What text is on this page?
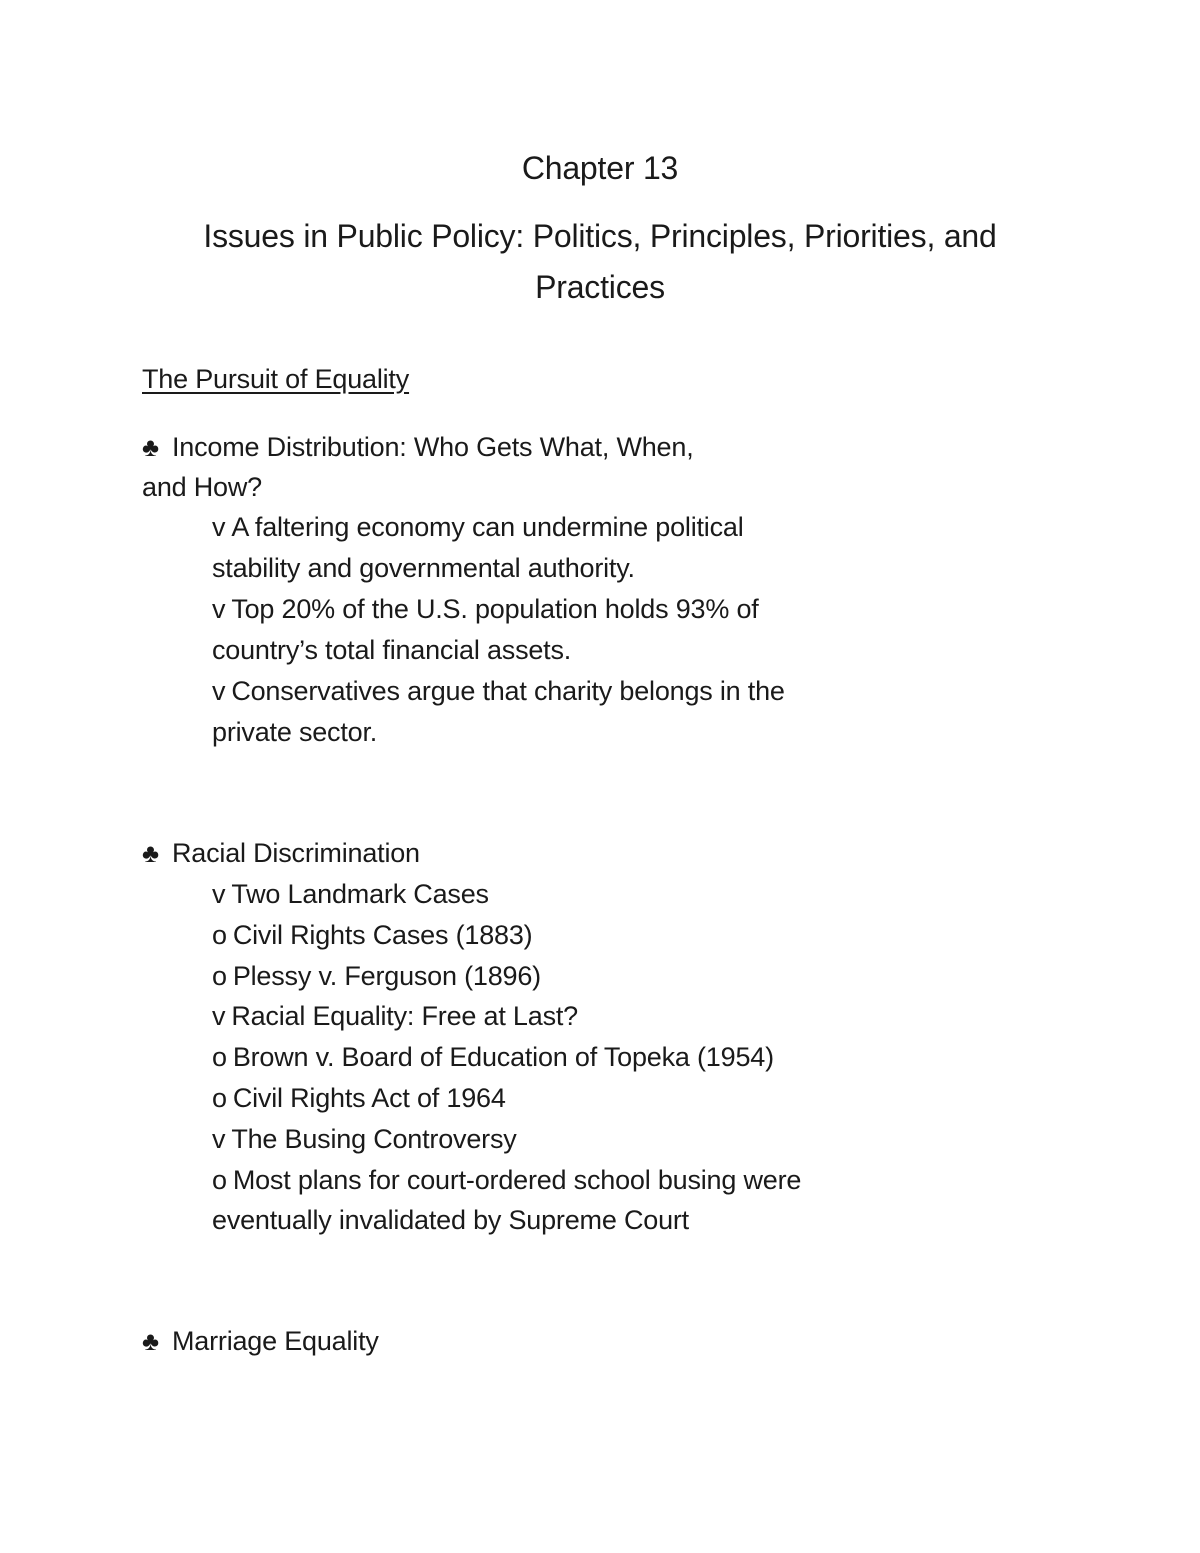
Chapter 13
Issues in Public Policy: Politics, Principles, Priorities, and
Practices
The Pursuit of Equality
♣ Income Distribution: Who Gets What, When,
and How?
v A faltering economy can undermine political
stability and governmental authority.
v Top 20% of the U.S. population holds 93% of
country’s total financial assets.
v Conservatives argue that charity belongs in the
private sector.
♣ Racial Discrimination
v Two Landmark Cases
o Civil Rights Cases (1883)
o Plessy v. Ferguson (1896)
v Racial Equality: Free at Last?
o Brown v. Board of Education of Topeka (1954)
o Civil Rights Act of 1964
v The Busing Controversy
o Most plans for court-ordered school busing were
eventually invalidated by Supreme Court
♣ Marriage Equality
